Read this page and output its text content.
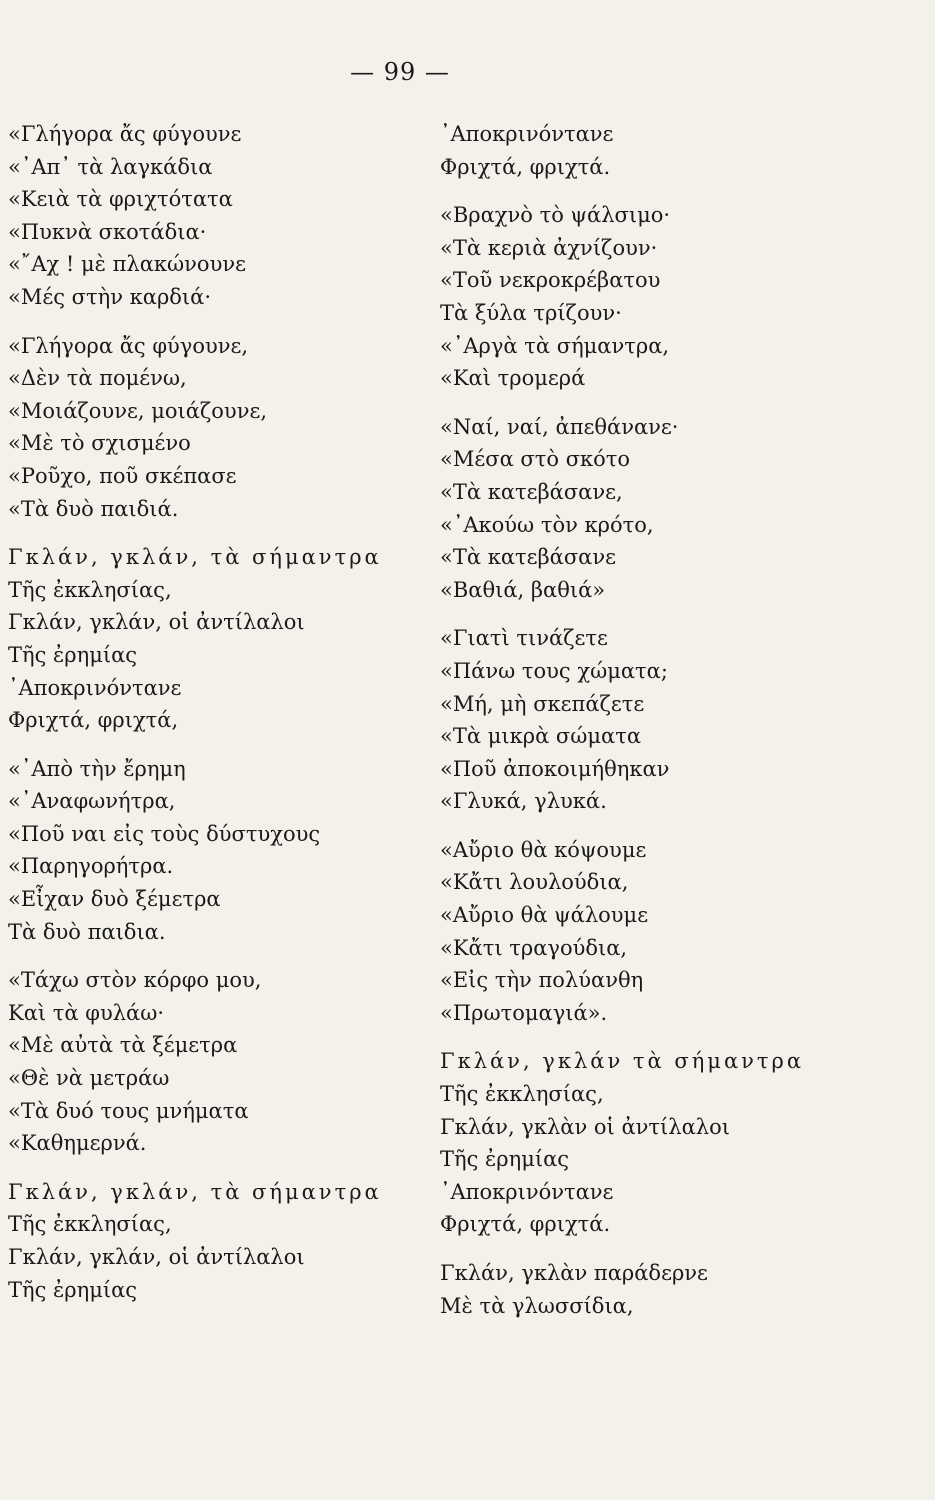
— 99 —
«Γλήγορα ἄς φύγουνε
«᾿Απ᾿ τὰ λαγκάδια
«Κειὰ τὰ φριχτότατα
«Πυκνὰ σκοτάδια·
«῎Αχ ! μὲ πλακώνουνε
«Μές στὴν καρδιά·
«Γλήγορα ἄς φύγουνε,
«Δὲν τὰ πομένω,
«Μοιάζουνε, μοιάζουνε,
«Μὲ τὸ σχισμένο
«Ροῦχο, ποῦ σκέπασε
«Τὰ δυὸ παιδιά.
Γκλάν, γκλάν, τὰ σήμαντρα
Τῆς ἐκκλησίας,
Γκλάν, γκλάν, οἱ ἀντίλαλοι
Τῆς ἐρημίας
᾿Αποκρινόντανε
Φριχτά, φριχτά,
«᾿Απὸ τὴν ἔρημη
«᾿Αναφωνήτρα,
«Ποῦ ναι εἰς τοὺς δύστυχους
«Παρηγορήτρα.
«Εἶχαν δυὸ ξέμετρα
Τὰ δυὸ παιδια.
«Τάχω στὸν κόρφο μου,
Καὶ τὰ φυλάω·
«Μὲ αὐτὰ τὰ ξέμετρα
«Θὲ νὰ μετράω
«Τὰ δυό τους μνήματα
«Καθημερνά.
Γκλάν, γκλάν, τὰ σήμαντρα
Τῆς ἐκκλησίας,
Γκλάν, γκλάν, οἱ ἀντίλαλοι
Τῆς ἐρημίας
᾿Αποκρινόντανε
Φριχτά, φριχτά.
«Βραχνὸ τὸ ψάλσιμο·
«Τὰ κεριὰ ἀχνίζουν·
«Τοῦ νεκροκρέβατου
Τὰ ξύλα τρίζουν·
«᾿Αργὰ τὰ σήμαντρα,
«Καὶ τρομερά
«Ναί, ναί, ἀπεθάνανε·
«Μέσα στὸ σκότο
«Τὰ κατεβάσανε,
«᾿Ακούω τὸν κρότο,
«Τὰ κατεβάσανε
«Βαθιά, βαθιά»
«Γιατὶ τινάζετε
«Πάνω τους χώματα;
«Μή, μὴ σκεπάζετε
«Τὰ μικρὰ σώματα
«Ποῦ ἀποκοιμήθηκαν
«Γλυκά, γλυκά.
«Αὔριο θὰ κόψουμε
«Κἄτι λουλούδια,
«Αὔριο θὰ ψάλουμε
«Κἄτι τραγούδια,
«Εἰς τὴν πολύανθη
«Πρωτομαγιά».
Γκλάν, γκλάν τὰ σήμαντρα
Τῆς ἐκκλησίας,
Γκλάν, γκλὰν οἱ ἀντίλαλοι
Τῆς ἐρημίας
᾿Αποκρινόντανε
Φριχτά, φριχτά.
Γκλάν, γκλὰν παράδερνε
Μὲ τὰ γλωσσίδια,
